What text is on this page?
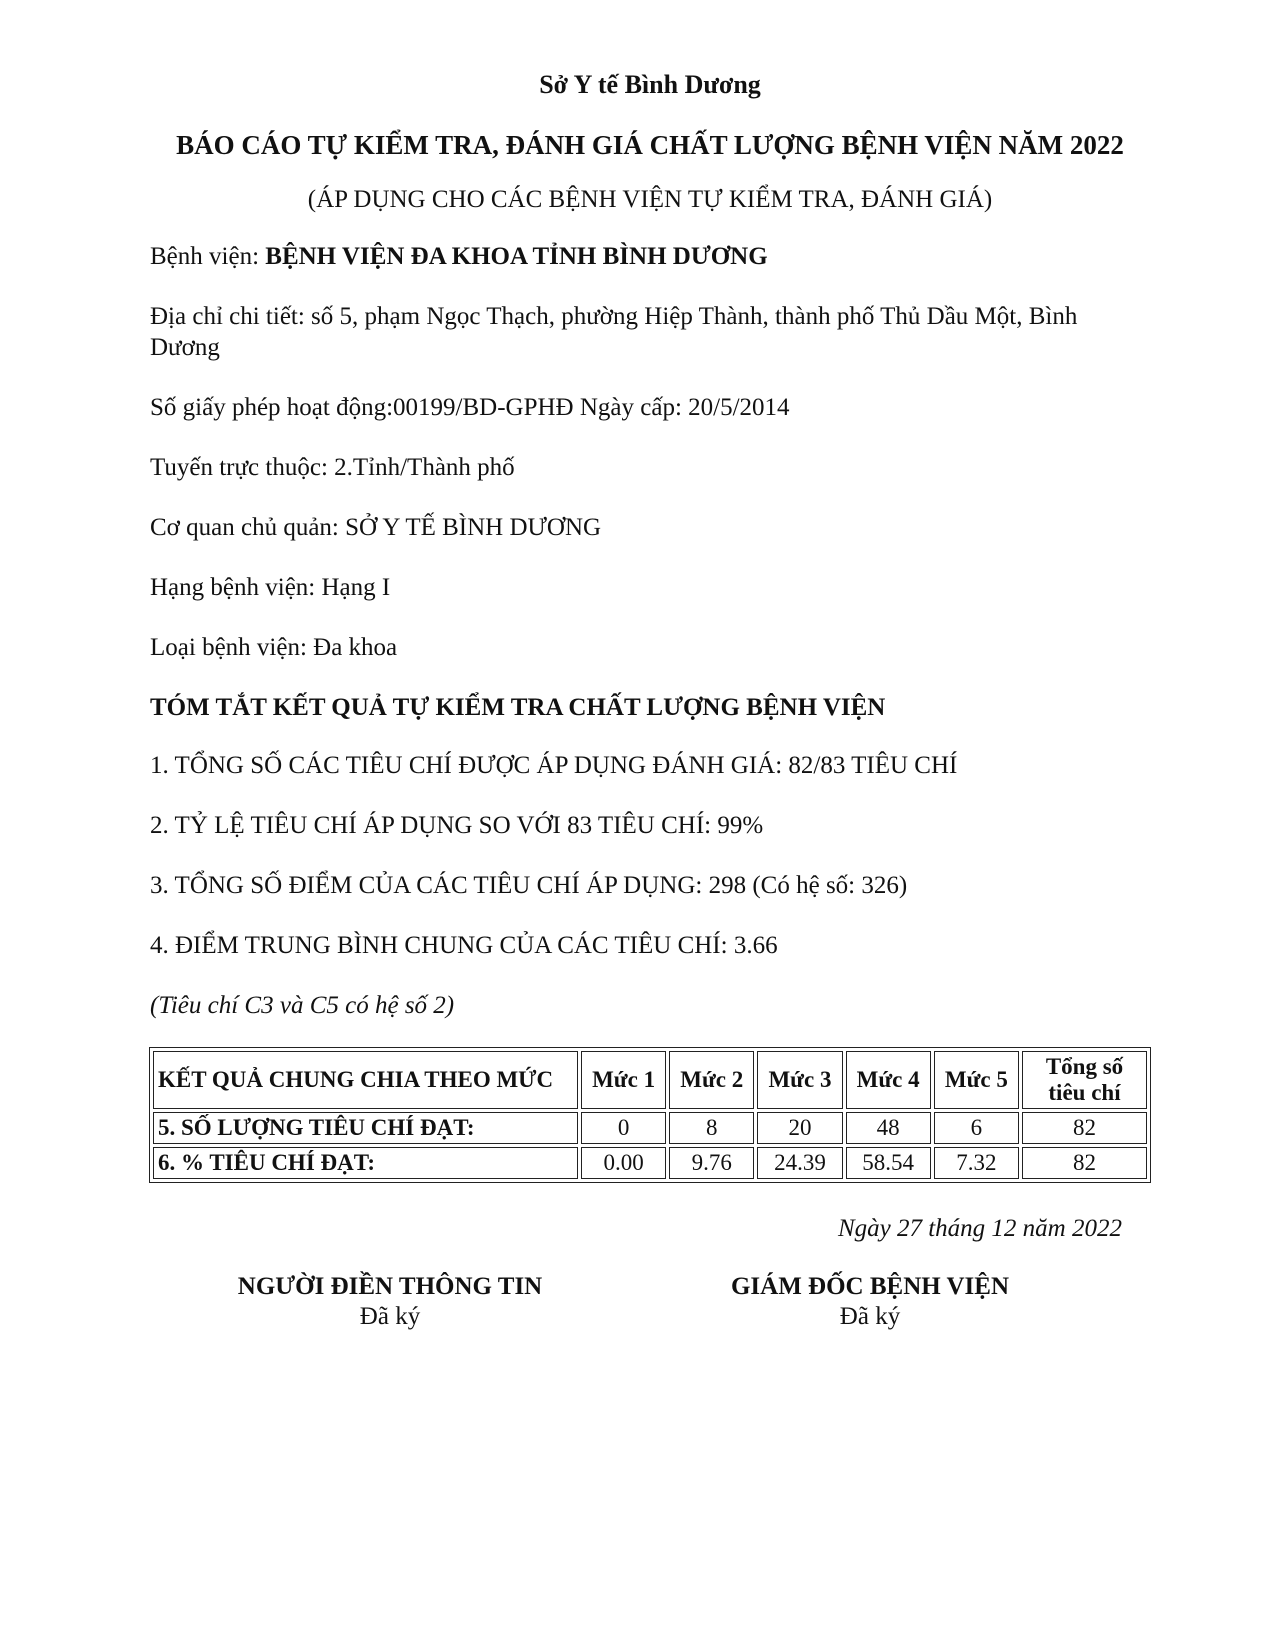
Sở Y tế Bình Dương
BÁO CÁO TỰ KIỂM TRA, ĐÁNH GIÁ CHẤT LƯỢNG BỆNH VIỆN NĂM 2022
(ÁP DỤNG CHO CÁC BỆNH VIỆN TỰ KIỂM TRA, ĐÁNH GIÁ)
Bệnh viện: BỆNH VIỆN ĐA KHOA TỈNH BÌNH DƯƠNG
Địa chỉ chi tiết: số 5, phạm Ngọc Thạch, phường Hiệp Thành, thành phố Thủ Dầu Một, Bình Dương
Số giấy phép hoạt động:00199/BD-GPHĐ Ngày cấp: 20/5/2014
Tuyến trực thuộc: 2.Tỉnh/Thành phố
Cơ quan chủ quản: SỞ Y TẾ BÌNH DƯƠNG
Hạng bệnh viện: Hạng I
Loại bệnh viện: Đa khoa
TÓM TẮT KẾT QUẢ TỰ KIỂM TRA CHẤT LƯỢNG BỆNH VIỆN
1. TỔNG SỐ CÁC TIÊU CHÍ ĐƯỢC ÁP DỤNG ĐÁNH GIÁ: 82/83 TIÊU CHÍ
2. TỶ LỆ TIÊU CHÍ ÁP DỤNG SO VỚI 83 TIÊU CHÍ: 99%
3. TỔNG SỐ ĐIỂM CỦA CÁC TIÊU CHÍ ÁP DỤNG: 298 (Có hệ số: 326)
4. ĐIỂM TRUNG BÌNH CHUNG CỦA CÁC TIÊU CHÍ: 3.66
(Tiêu chí C3 và C5 có hệ số 2)
KẾT QUẢ CHUNG CHIA THEO MỨC	Mức 1	Mức 2	Mức 3	Mức 4	Mức 5	Tổng số tiêu chí
5. SỐ LƯỢNG TIÊU CHÍ ĐẠT:	0	8	20	48	6	82
6. % TIÊU CHÍ ĐẠT:	0.00	9.76	24.39	58.54	7.32	82
Ngày 27 tháng 12 năm 2022
NGƯỜI ĐIỀN THÔNG TIN
Đã ký
GIÁM ĐỐC BỆNH VIỆN
Đã ký
